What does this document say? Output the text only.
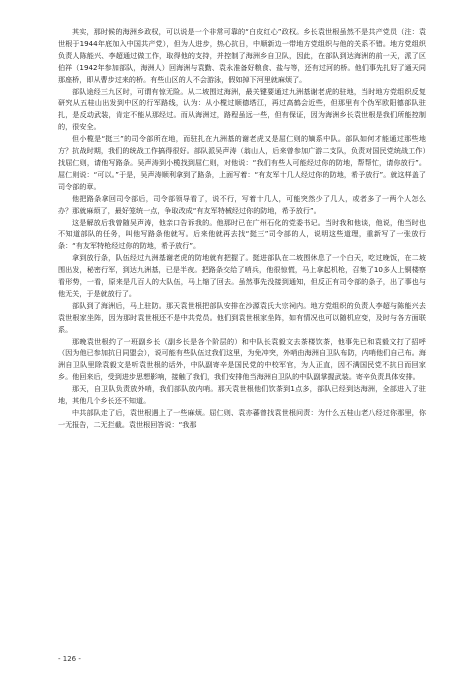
其实，那时候的海洲乡政权，可以说是一个非常可靠的“白皮红心”政权。乡长袁世根虽然不是共产党员（注：袁世根于1944年底加入中国共产党），但为人进步，热心抗日，中顺新边一带地方党组织与他的关系不错。地方党组织负责人陈能兴、李超通过做工作，取得他的支持，并控制了海洲乡自卫队，因此，在部队到达海洲的前一天，派了区伯祥（1942年参加部队，海洲人）回海洲与袁勤、袁永准备好粮食、盐与等，还有过河的桥。他们事先扎好了通天同那座桥，即从曹步过来的桥。有些山区的人不会游泳，假如掉下河里就麻烦了。

部队途经三九区时，可谓有惊无险。从二坡围过海洲，最关键要通过九洲基谢老虎的驻地，当时地方党组织反复研究从五桂山出发到中区的行军路线，认为：从小榄过顺德塔江，再过高鹤会近些，但那里有个伪军欧阳德部队驻扎，是反动武装，肯定不能从那经过。而从海洲过，路程虽远一些，但有保证，因为海洲乡长袁世根是我们所能控制的，很安全。

但小榄是“挺三”的司令部所在地，而驻扎在九洲基的谢老虎又是屈仁则的嫡系中队。部队如何才能通过那些地方？抗战时期，我们的统战工作搞得很好。部队派吴声涛（翁山人，后来曾参加广游二支队，负责对国民党统战工作）找屈仁则，请他写路条。吴声涛到小榄找到屈仁则，对他说：“我们有些人可能经过你的防地，帮帮忙，请你放行”。屈仁则说：“可以。”于是，吴声涛顺利拿到了路条，上面写着：“有友军十几人经过你的防地，希予放行”。就这样盖了司令部的章。

他把路条拿回司令部后，司令部领导看了，说不行，写着十几人，可能突然少了几人，或者多了一两个人怎么办？那就麻烦了，最好笼统一点，争取改成“有友军特械经过你的防地，希予放行”。

这是解放后我曾随吴声涛，他亲口告诉我的。他那时已在广州石化的党委书记。当时我和他谈，他说，他当时也不知道部队的任务，叫他写路条他就写。后来他就再去找“挺三”司令部的人，说明这些道理，重新写了一张放行条：“有友军特枪经过你的防地，希予放行”。

拿到放行条，队伍经过九洲基谢老虎的防地就有把握了。挺进部队在二坡围休息了一个白天，吃过晚饭，在二坡围出发，秘密行军，到达九洲基，已是半夜。把路条交给了哨兵，他很惊慌，马上拿起机枪，召集了10多人上铜楼察看形势，一看，原来是几百人的大队伍，马上缩了回去。虽然事先没接到通知，但反正有司令部的条子，出了事也与他无关，于是就放行了。

部队到了海洲后，马上驻防。那天袁世根把部队安排在沙源袁氏大宗祠内。地方党组织的负责人李超与陈能兴去袁世根家坐阵，因为那时袁世根还不是中共党员。他们到袁世根家坐阵，如有情况也可以随机应变，及时与各方面联系。

那晚袁世根约了一班副乡长（副乡长是各个阶层的）和中队长袁毅文去茶楼饮茶，他事先已和袁毅文打了招呼（因为他已参加抗日同盟会），说可能有些队伍过我们这里，为免冲突，外哨由海洲自卫队布防，内哨他们自己布。海洲自卫队里除袁毅文是听袁世根的话外，中队副寄辛是国民党的中校军官，为人正直，因不满国民党不抗日而回家乡。他回来后，受到进步思想影响，接触了我们，我们安排他当海洲自卫队的中队副掌握武装。寄辛负责具体安排。

那天，自卫队负责放外哨，我们部队放内哨。那天袁世根他们饮茶到1点多，部队已经到达海洲，全部进入了驻地，其他几个乡长还不知道。

中共部队走了后，袁世根遇上了一些麻烦。屈仁则、袁亦蕃曾找袁世根问责：为什么五桂山老八经过你那里，你一无报告，二无拦截。袁世根回答说：“我那

- 126 -
